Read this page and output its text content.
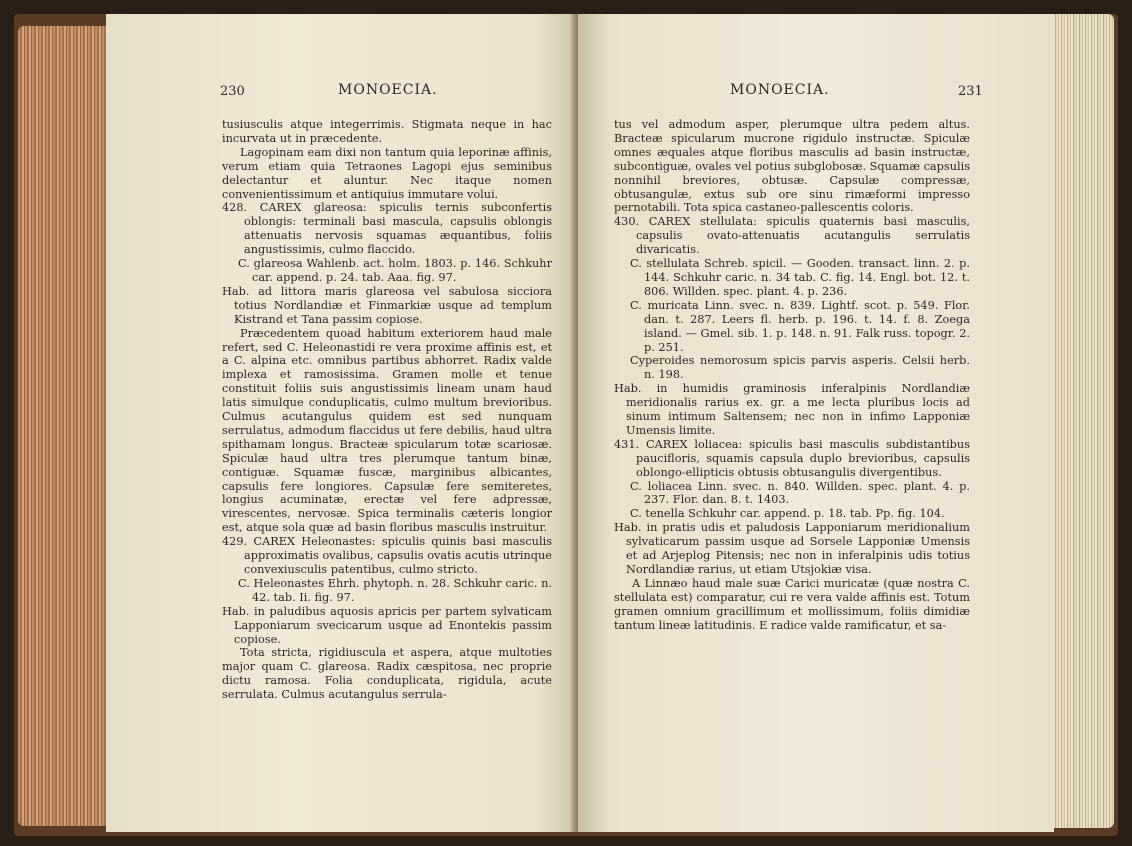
230	MONOECIA.

tusiusculis atque integerrimis. Stigmata neque in hac incurvata ut in præcedente.

Lagopinam eam dixi non tantum quia leporinæ affinis, verum etiam quia Tetraones Lagopi ejus seminibus delectantur et aluntur. Nec itaque nomen convenientissimum et antiquius immutare volui.

428. CAREX glareosa: spiculis ternis subconfertis oblongis: terminali basi mascula, capsulis oblongis attenuatis nervosis squamas æquantibus, foliis angustissimis, culmo flaccido.

C. glareosa Wahlenb. act. holm. 1803. p. 146. Schkuhr car. append. p. 24. tab. Aaa. fig. 97.

Hab. ad littora maris glareosa vel sabulosa sicciora totius Nordlandiæ et Finmarkiæ usque ad templum Kistrand et Tana passim copiose.

Præcedentem quoad habitum exteriorem haud male refert, sed C. Heleonastidi re vera proxime affinis est, et a C. alpina etc. omnibus partibus abhorret. Radix valde implexa et ramosissima. Gramen molle et tenue constituit foliis suis angustissimis lineam unam haud latis simulque conduplicatis, culmo multum brevioribus. Culmus acutangulus quidem est sed nunquam serrulatus, admodum flaccidus ut fere debilis, haud ultra spithamam longus. Bracteæ spicularum totæ scariosæ. Spiculæ haud ultra tres plerumque tantum binæ, contiguæ. Squamæ fuscæ, marginibus albicantes, capsulis fere longiores. Capsulæ fere semiteretes, longius acuminatæ, erectæ vel fere adpressæ, virescentes, nervosæ. Spica terminalis cæteris longior est, atque sola quæ ad basin floribus masculis instruitur.

429. CAREX Heleonastes: spiculis quinis basi masculis approximatis ovalibus, capsulis ovatis acutis utrinque convexiusculis patentibus, culmo stricto.

C. Heleonastes Ehrh. phytoph. n. 28. Schkuhr caric. n. 42. tab. Ii. fig. 97.

Hab. in paludibus aquosis apricis per partem sylvaticam Lapponiarum svecicarum usque ad Enontekis passim copiose.

Tota stricta, rigidiuscula et aspera, atque multoties major quam C. glareosa. Radix cæspitosa, nec proprie dictu ramosa. Folia conduplicata, rigidula, acute serrulata. Culmus acutangulus serrula-

MONOECIA.	231

tus vel admodum asper, plerumque ultra pedem altus. Bracteæ spicularum mucrone rigidulo instructæ. Spiculæ omnes æquales atque floribus masculis ad basin instructæ, subcontiguæ, ovales vel potius subglobosæ. Squamæ capsulis nonnihil breviores, obtusæ. Capsulæ compressæ, obtusangulæ, extus sub ore sinu rimæformi impresso pernotabili. Tota spica castaneo-pallescentis coloris.

430. CAREX stellulata: spiculis quaternis basi masculis, capsulis ovato-attenuatis acutangulis serrulatis divaricatis.

C. stellulata Schreb. spicil. — Gooden. transact. linn. 2. p. 144. Schkuhr caric. n. 34 tab. C. fig. 14. Engl. bot. 12. t. 806. Willden. spec. plant. 4. p. 236.

C. muricata Linn. svec. n. 839. Lightf. scot. p. 549. Flor. dan. t. 287. Leers fl. herb. p. 196. t. 14. f. 8. Zoega island. — Gmel. sib. 1. p. 148. n. 91. Falk russ. topogr. 2. p. 251.

Cyperoides nemorosum spicis parvis asperis. Celsii herb. n. 198.

Hab. in humidis graminosis inferalpinis Nordlandiæ meridionalis rarius ex. gr. a me lecta pluribus locis ad sinum intimum Saltensem; nec non in infimo Lapponiæ Umensis limite.

431. CAREX loliacea: spiculis basi masculis subdistantibus paucifloris, squamis capsula duplo brevioribus, capsulis oblongo-ellipticis obtusis obtusangulis divergentibus.

C. loliacea Linn. svec. n. 840. Willden. spec. plant. 4. p. 237. Flor. dan. 8. t. 1403.

C. tenella Schkuhr car. append. p. 18. tab. Pp. fig. 104.

Hab. in pratis udis et paludosis Lapponiarum meridionalium sylvaticarum passim usque ad Sorsele Lapponiæ Umensis et ad Arjeplog Pitensis; nec non in inferalpinis udis totius Nordlandiæ rarius, ut etiam Utsjokiæ visa.

A Linnæo haud male suæ Carici muricatæ (quæ nostra C. stellulata est) comparatur, cui re vera valde affinis est. Totum gramen omnium gracillimum et mollissimum, foliis dimidiæ tantum lineæ latitudinis. E radice valde ramificatur, et sa-
